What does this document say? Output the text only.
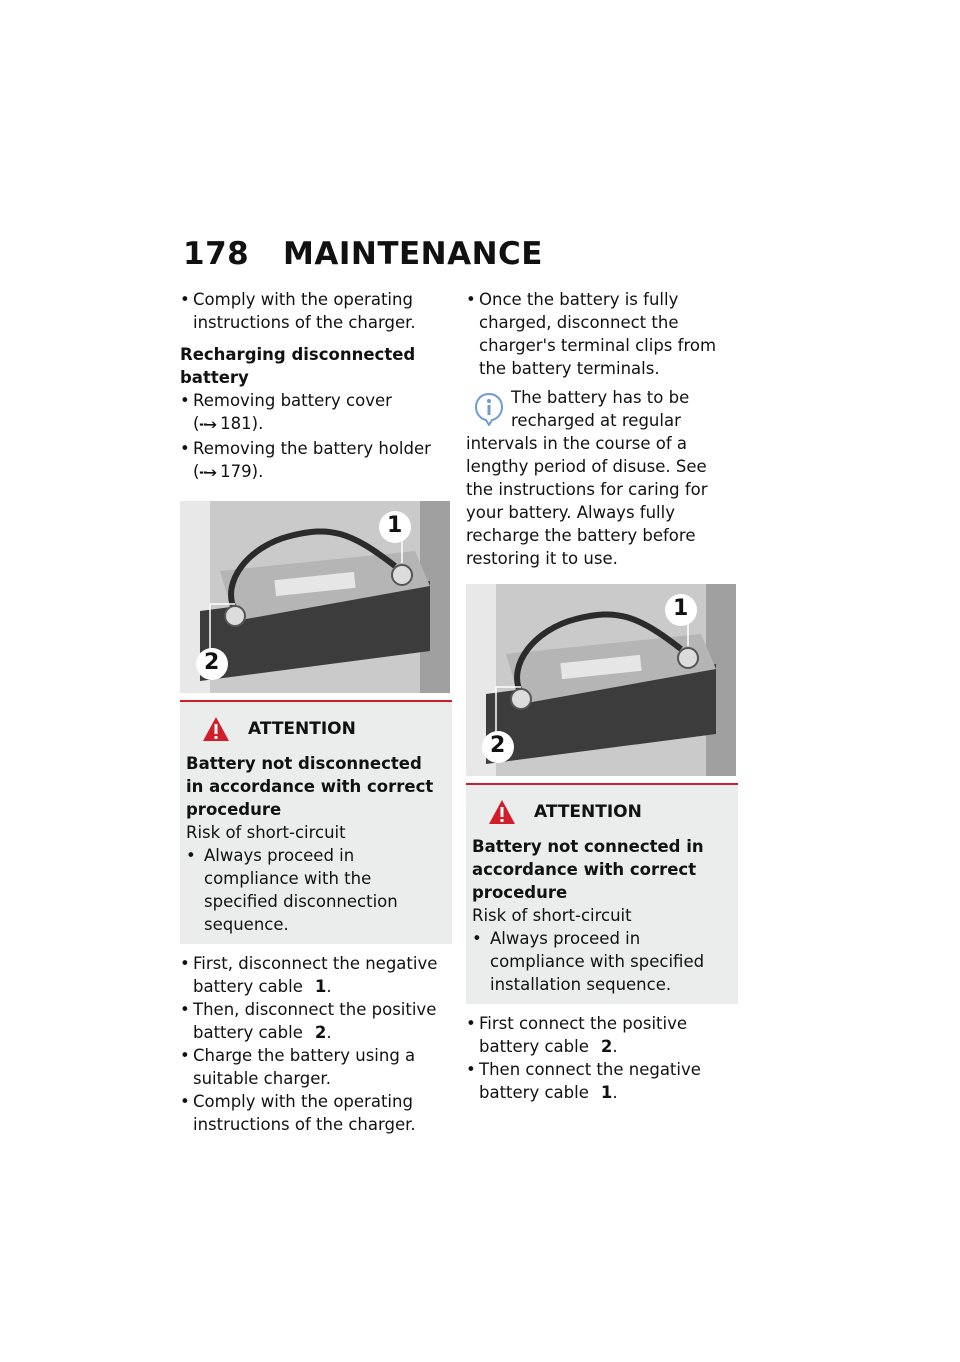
178 MAINTENANCE

• Comply with the operating instructions of the charger.

Recharging disconnected battery

• Removing battery cover
(╍➔ 181).

• Removing the battery holder
(╍➔ 179).

1
2
ATTENTION
Battery not disconnected in accordance with correct procedure
Risk of short-circuit
• Always proceed in compliance with the specified disconnection sequence.

• First, disconnect the negative battery cable 1.

• Then, disconnect the positive battery cable 2.

• Charge the battery using a suitable charger.

• Comply with the operating instructions of the charger.

• Once the battery is fully charged, disconnect the charger's terminal clips from the battery terminals.

The battery has to be recharged at regular
intervals in the course of a lengthy period of disuse. See the instructions for caring for your battery. Always fully recharge the battery before restoring it to use.
1
2
ATTENTION
Battery not connected in accordance with correct procedure
Risk of short-circuit
• Always proceed in compliance with specified installation sequence.

• First connect the positive battery cable 2.

• Then connect the negative battery cable 1.
